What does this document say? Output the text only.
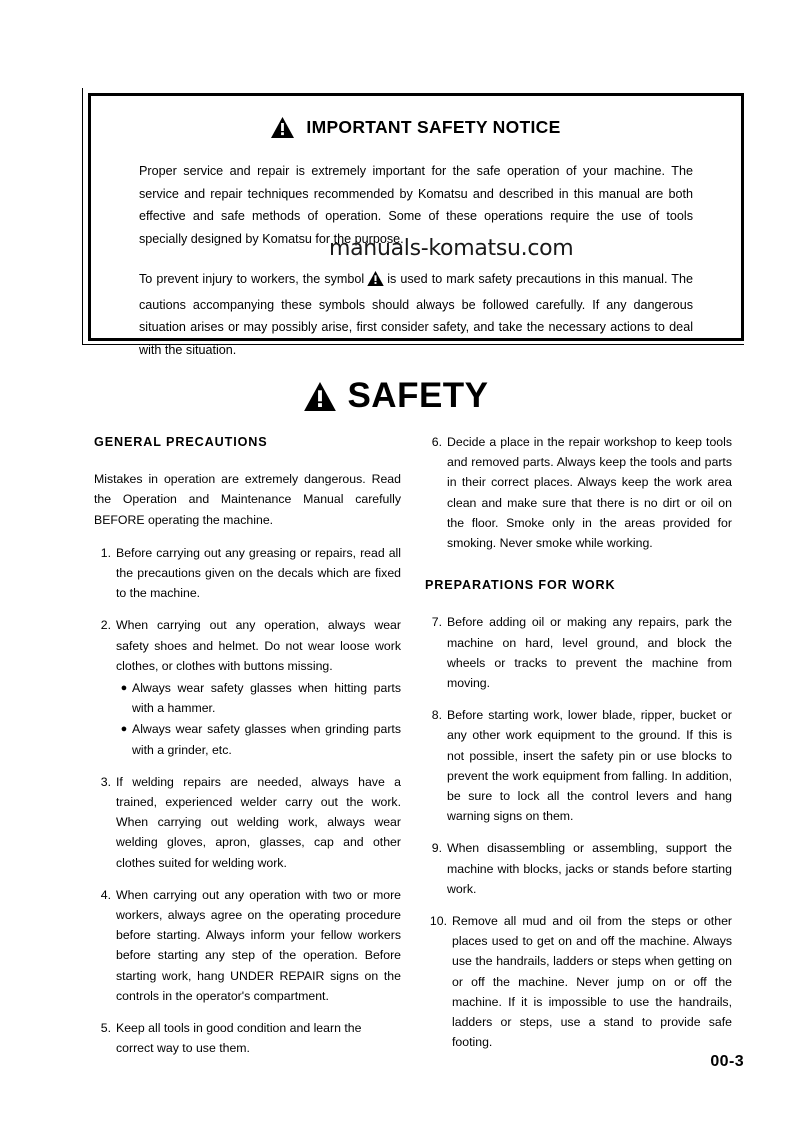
IMPORTANT SAFETY NOTICE

Proper service and repair is extremely important for the safe operation of your machine. The service and repair techniques recommended by Komatsu and described in this manual are both effective and safe methods of operation. Some of these operations require the use of tools specially designed by Komatsu for the purpose.

To prevent injury to workers, the symbol is used to mark safety precautions in this manual. The cautions accompanying these symbols should always be followed carefully. If any dangerous situation arises or may possibly arise, first consider safety, and take the necessary actions to deal with the situation.

manuals-komatsu.com
SAFETY
GENERAL PRECAUTIONS

Mistakes in operation are extremely dangerous. Read the Operation and Maintenance Manual carefully BEFORE operating the machine.

1. Before carrying out any greasing or repairs, read all the precautions given on the decals which are fixed to the machine.

2. When carrying out any operation, always wear safety shoes and helmet. Do not wear loose work clothes, or clothes with buttons missing.

● Always wear safety glasses when hitting parts with a hammer.
● Always wear safety glasses when grinding parts with a grinder, etc.
3. If welding repairs are needed, always have a trained, experienced welder carry out the work. When carrying out welding work, always wear welding gloves, apron, glasses, cap and other clothes suited for welding work.

4. When carrying out any operation with two or more workers, always agree on the operating procedure before starting. Always inform your fellow workers before starting any step of the operation. Before starting work, hang UNDER REPAIR signs on the controls in the operator's compartment.

5. Keep all tools in good condition and learn the correct way to use them.

6. Decide a place in the repair workshop to keep tools and removed parts. Always keep the tools and parts in their correct places. Always keep the work area clean and make sure that there is no dirt or oil on the floor. Smoke only in the areas provided for smoking. Never smoke while working.

PREPARATIONS FOR WORK
7. Before adding oil or making any repairs, park the machine on hard, level ground, and block the wheels or tracks to prevent the machine from moving.

8. Before starting work, lower blade, ripper, bucket or any other work equipment to the ground. If this is not possible, insert the safety pin or use blocks to prevent the work equipment from falling. In addition, be sure to lock all the control levers and hang warning signs on them.

9. When disassembling or assembling, support the machine with blocks, jacks or stands before starting work.

10. Remove all mud and oil from the steps or other places used to get on and off the machine. Always use the handrails, ladders or steps when getting on or off the machine. Never jump on or off the machine. If it is impossible to use the handrails, ladders or steps, use a stand to provide safe footing.

00-3
